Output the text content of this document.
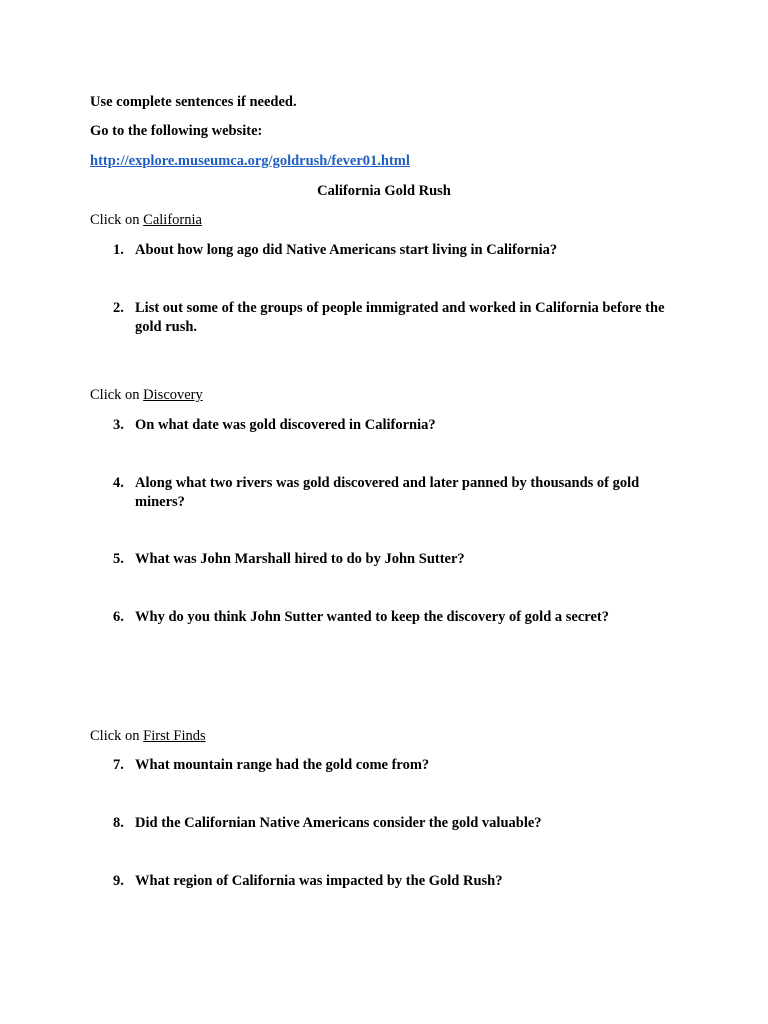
Use complete sentences if needed.
Go to the following website:
http://explore.museumca.org/goldrush/fever01.html
California Gold Rush
Click on California
1. About how long ago did Native Americans start living in California?
2. List out some of the groups of people immigrated and worked in California before the gold rush.
Click on Discovery
3. On what date was gold discovered in California?
4. Along what two rivers was gold discovered and later panned by thousands of gold miners?
5. What was John Marshall hired to do by John Sutter?
6. Why do you think John Sutter wanted to keep the discovery of gold a secret?
Click on First Finds
7. What mountain range had the gold come from?
8. Did the Californian Native Americans consider the gold valuable?
9. What region of California was impacted by the Gold Rush?
